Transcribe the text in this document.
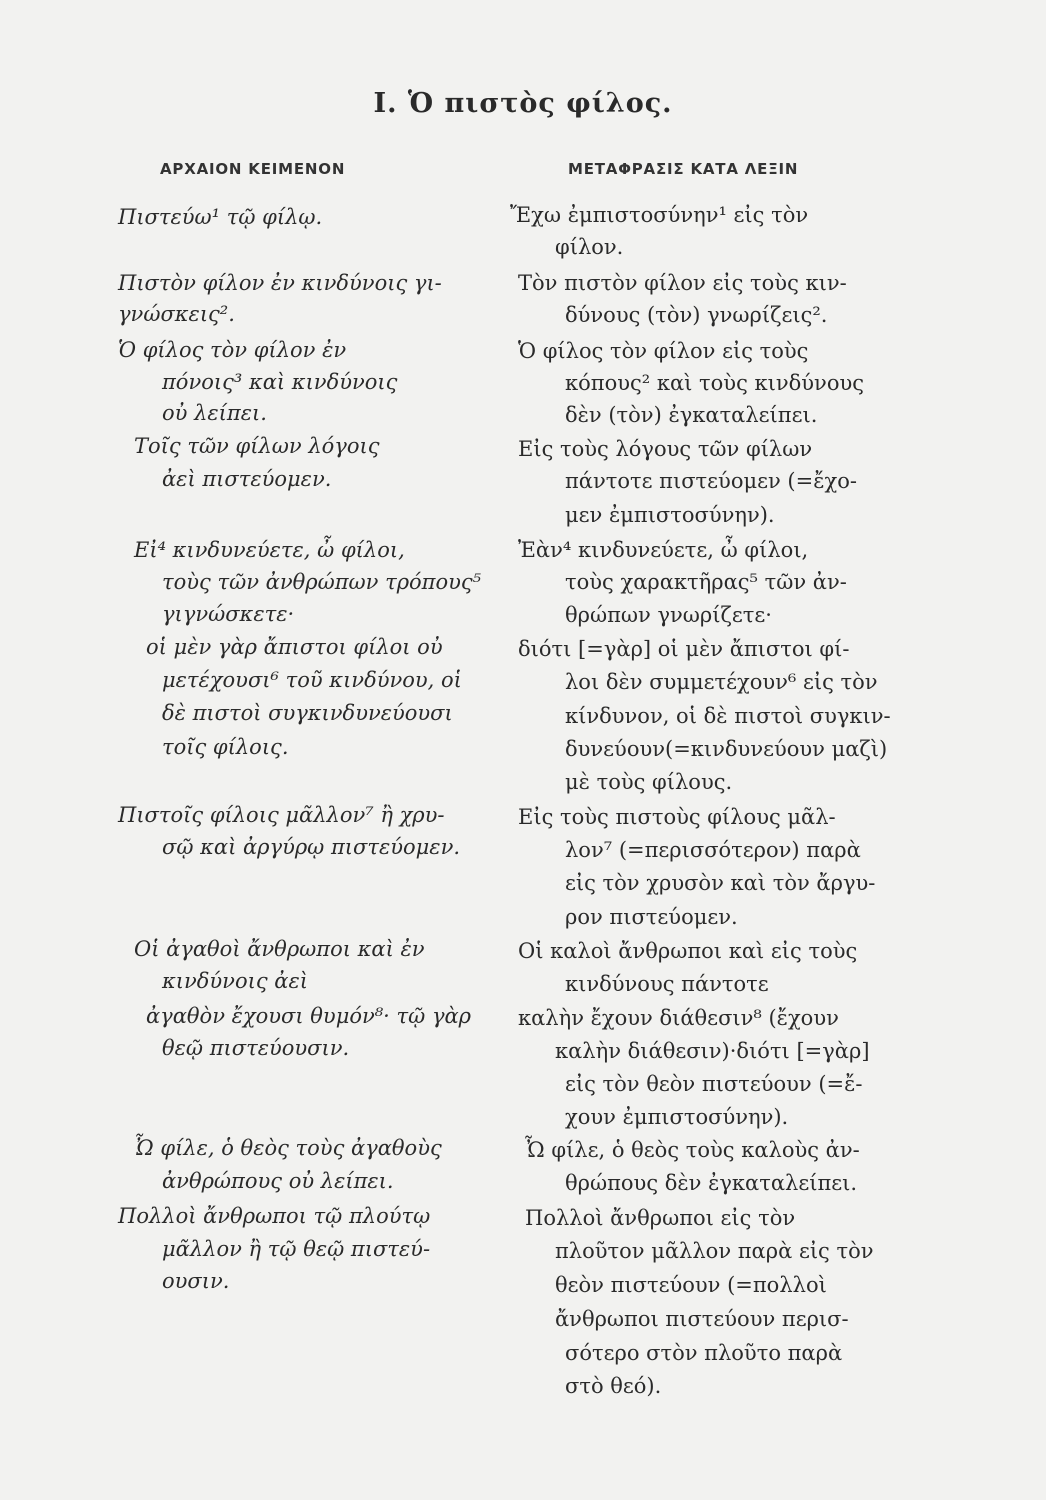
I. Ὁ πιστὸς φίλος.
ΑΡΧΑΙΟΝ ΚΕΙΜΕΝΟΝ	ΜΕΤΑΦΡΑΣΙΣ ΚΑΤΑ ΛΕΞΙΝ
Πιστεύω¹ τῷ φίλῳ.
Πιστὸν φίλον ἐν κινδύνοις γι-
γνώσκεις².
Ὁ φίλος τὸν φίλον ἐν
πόνοις³ καὶ κινδύνοις
οὐ λείπει.
Τοῖς τῶν φίλων λόγοις
ἀεὶ πιστεύομεν.
Εἰ⁴ κινδυνεύετε, ὦ φίλοι,
τοὺς τῶν ἀνθρώπων τρόπους⁵
γιγνώσκετε·
οἱ μὲν γὰρ ἄπιστοι φίλοι οὐ
μετέχουσι⁶ τοῦ κινδύνου, οἱ
δὲ πιστοὶ συγκινδυνεύουσι
τοῖς φίλοις.
Πιστοῖς φίλοις μᾶλλον⁷ ἢ χρυ-
σῷ καὶ ἀργύρῳ πιστεύομεν.
Οἱ ἀγαθοὶ ἄνθρωποι καὶ ἐν
κινδύνοις ἀεὶ
ἀγαθὸν ἔχουσι θυμόν⁸· τῷ γὰρ
θεῷ πιστεύουσιν.
Ὦ φίλε, ὁ θεὸς τοὺς ἀγαθοὺς
ἀνθρώπους οὐ λείπει.
Πολλοὶ ἄνθρωποι τῷ πλούτῳ
μᾶλλον ἢ τῷ θεῷ πιστεύ-
ουσιν.
Ἔχω ἐμπιστοσύνην¹ εἰς τὸν
φίλον.
Τὸν πιστὸν φίλον εἰς τοὺς κιν-
δύνους (τὸν) γνωρίζεις².
Ὁ φίλος τὸν φίλον εἰς τοὺς
κόπους² καὶ τοὺς κινδύνους
δὲν (τὸν) ἐγκαταλείπει.
Εἰς τοὺς λόγους τῶν φίλων
πάντοτε πιστεύομεν (=ἔχο-
μεν ἐμπιστοσύνην).
Ἐὰν⁴ κινδυνεύετε, ὦ φίλοι,
τοὺς χαρακτῆρας⁵ τῶν ἀν-
θρώπων γνωρίζετε·
διότι [=γὰρ] οἱ μὲν ἄπιστοι φί-
λοι δὲν συμμετέχουν⁶ εἰς τὸν
κίνδυνον, οἱ δὲ πιστοὶ συγκιν-
δυνεύουν(=κινδυνεύουν μαζὶ)
μὲ τοὺς φίλους.
Εἰς τοὺς πιστοὺς φίλους μᾶλ-
λον⁷ (=περισσότερον) παρὰ
εἰς τὸν χρυσὸν καὶ τὸν ἄργυ-
ρον πιστεύομεν.
Οἱ καλοὶ ἄνθρωποι καὶ εἰς τοὺς
κινδύνους πάντοτε
καλὴν ἔχουν διάθεσιν⁸ (ἔχουν
καλὴν διάθεσιν)·διότι [=γὰρ]
εἰς τὸν θεὸν πιστεύουν (=ἔ-
χουν ἐμπιστοσύνην).
Ὦ φίλε, ὁ θεὸς τοὺς καλοὺς ἀν-
θρώπους δὲν ἐγκαταλείπει.
Πολλοὶ ἄνθρωποι εἰς τὸν
πλοῦτον μᾶλλον παρὰ εἰς τὸν
θεὸν πιστεύουν (=πολλοὶ
ἄνθρωποι πιστεύουν περισ-
σότερο στὸν πλοῦτο παρὰ
στὸ θεό).
